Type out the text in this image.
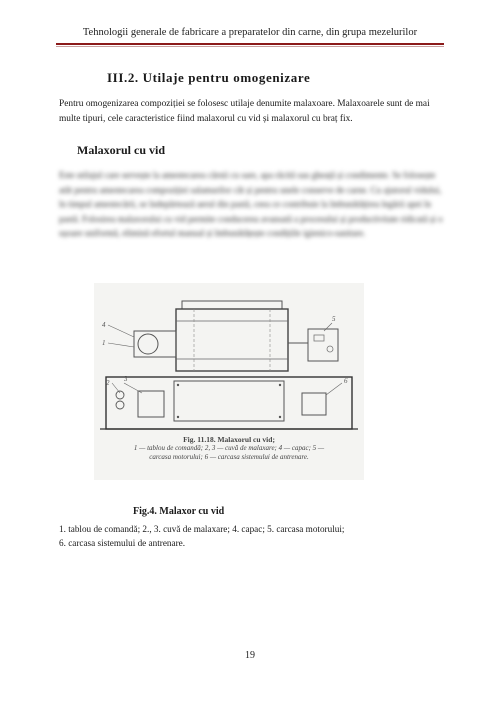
Tehnologii generale de fabricare a preparatelor din carne, din grupa mezelurilor
III.2. Utilaje pentru omogenizare
Pentru omogenizarea compoziției se folosesc utilaje denumite malaxoare. Malaxoarele sunt de mai multe tipuri, cele caracteristice fiind malaxorul cu vid și malaxorul cu braț fix.
Malaxorul cu vid
Este utilajul care servește la amestecarea cărnii cu sare, apa răcită sau gheață și condimente. Se folosește atât pentru amestecarea compoziției salamurilor cât și pentru unele conserve de carne. Cu ajutorul vidului, în timpul amestecării, se îndepărtează aerul din pastă, ceea ce contribuie la îmbunătățirea legării apei în pastă. Folosirea malaxorului cu vid permite conducerea avansată a procesului și productivitate ridicată și o ușoare uniformă, elimină efortul manual și îmbunătățește condițiile igienico-sanitare.
4
1
2	6
5
3
Fig. 11.18. Malaxorul cu vid;
1 — tablou de comandă; 2, 3 — cuvă de malaxare; 4 — capac; 5 —
carcasa motorului; 6 — carcasa sistemului de antrenare.
Fig.4. Malaxor cu vid
1. tablou de comandă; 2., 3. cuvă de malaxare; 4. capac; 5. carcasa motorului;
6. carcasa sistemului de antrenare.
19
